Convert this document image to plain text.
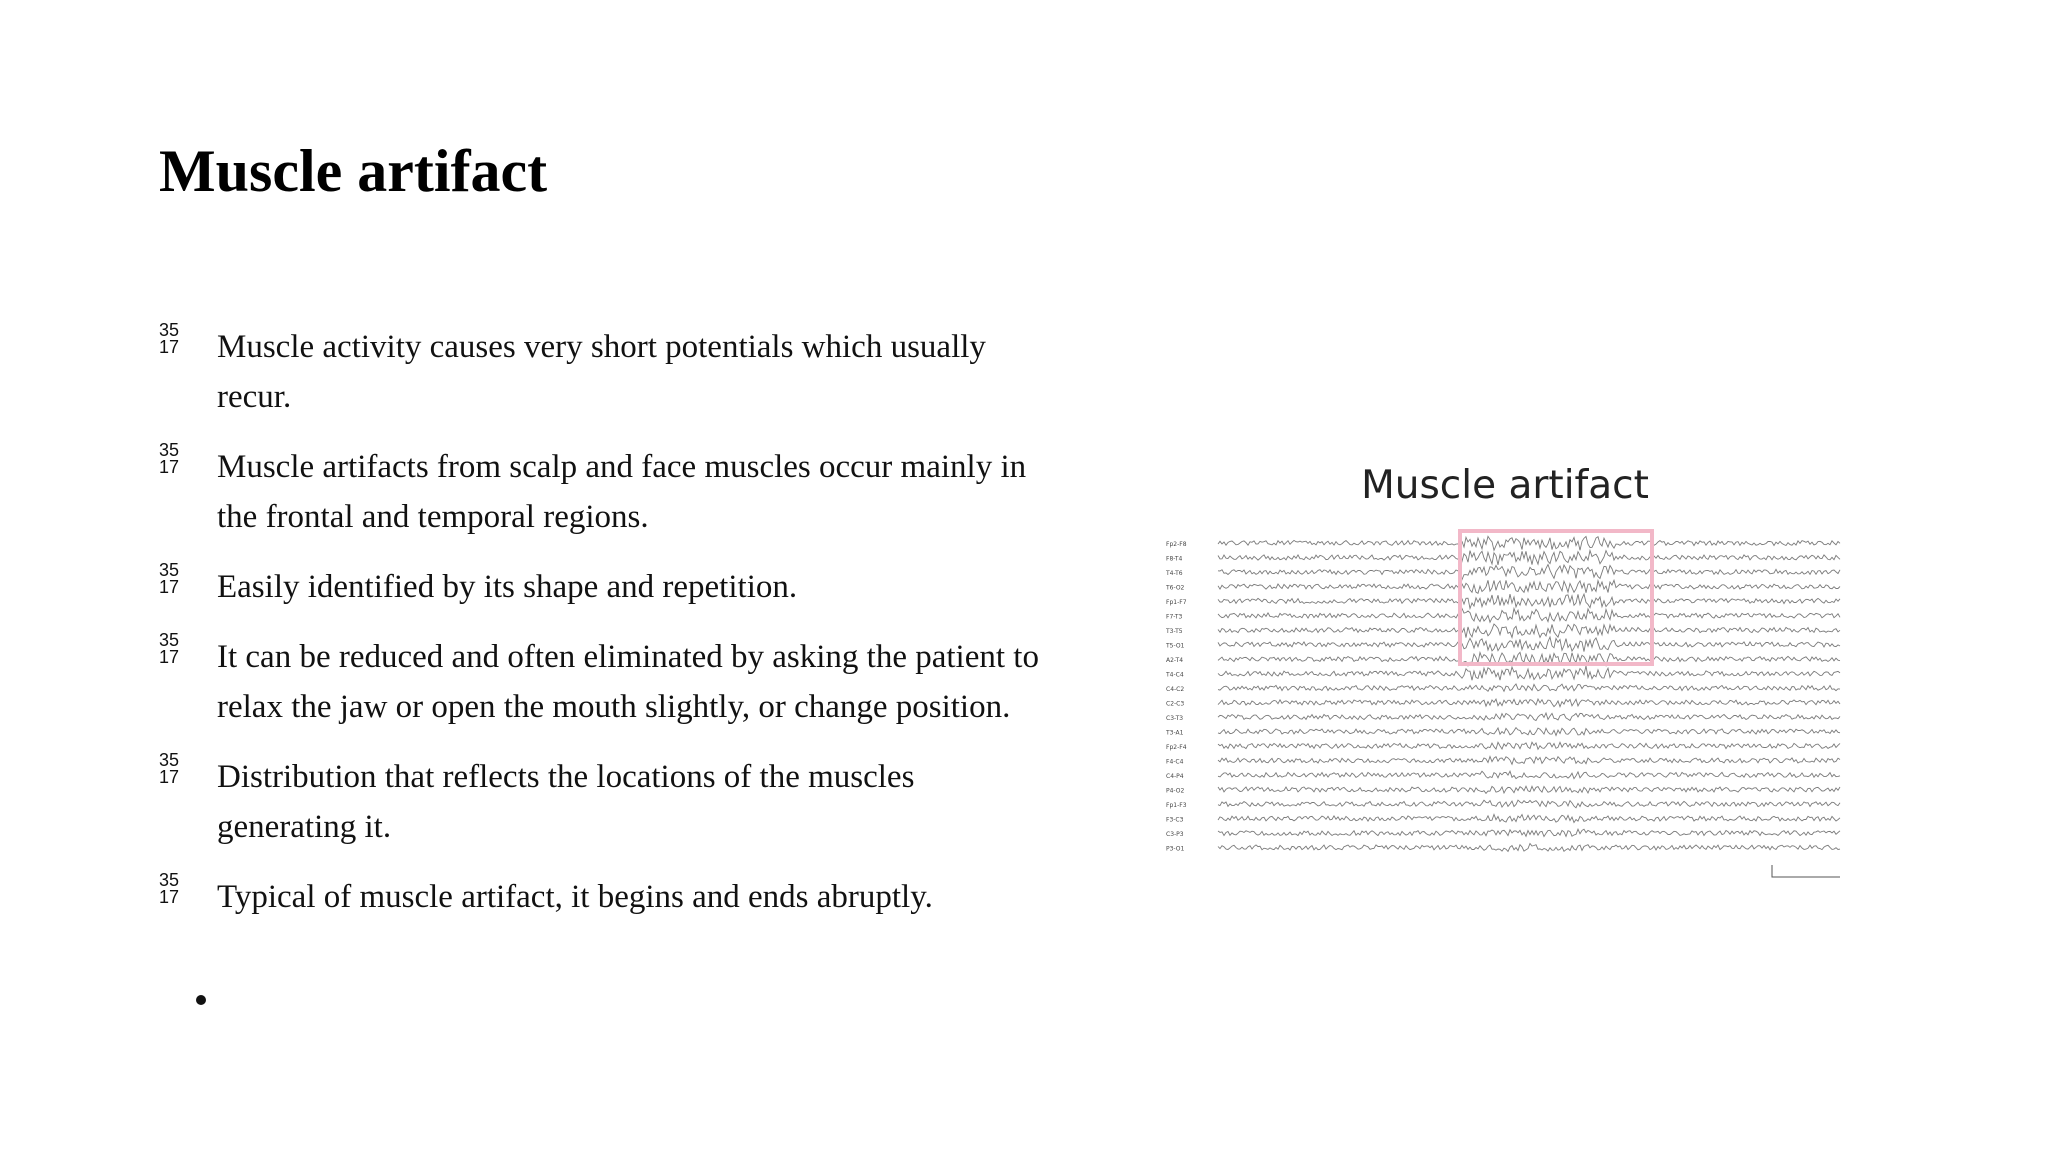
Muscle artifact
35
17	Muscle activity causes very short potentials which usually recur.
35
17	Muscle artifacts from scalp and face muscles occur mainly in the frontal and temporal regions.
35
17	Easily identified by its shape and repetition.
35
17	It can be reduced and often eliminated by asking the patient to relax the jaw or open the mouth slightly, or change position.
35
17	Distribution that reflects the locations of the muscles generating it.
35
17	Typical of muscle artifact, it begins and ends abruptly.
Muscle artifact
Fp2-F8
F8-T4
T4-T6
T6-O2
Fp1-F7
F7-T3
T3-T5
T5-O1
A2-T4
T4-C4
C4-C2
C2-C3
C3-T3
T3-A1
Fp2-F4
F4-C4
C4-P4
P4-O2
Fp1-F3
F3-C3
C3-P3
P3-O1
